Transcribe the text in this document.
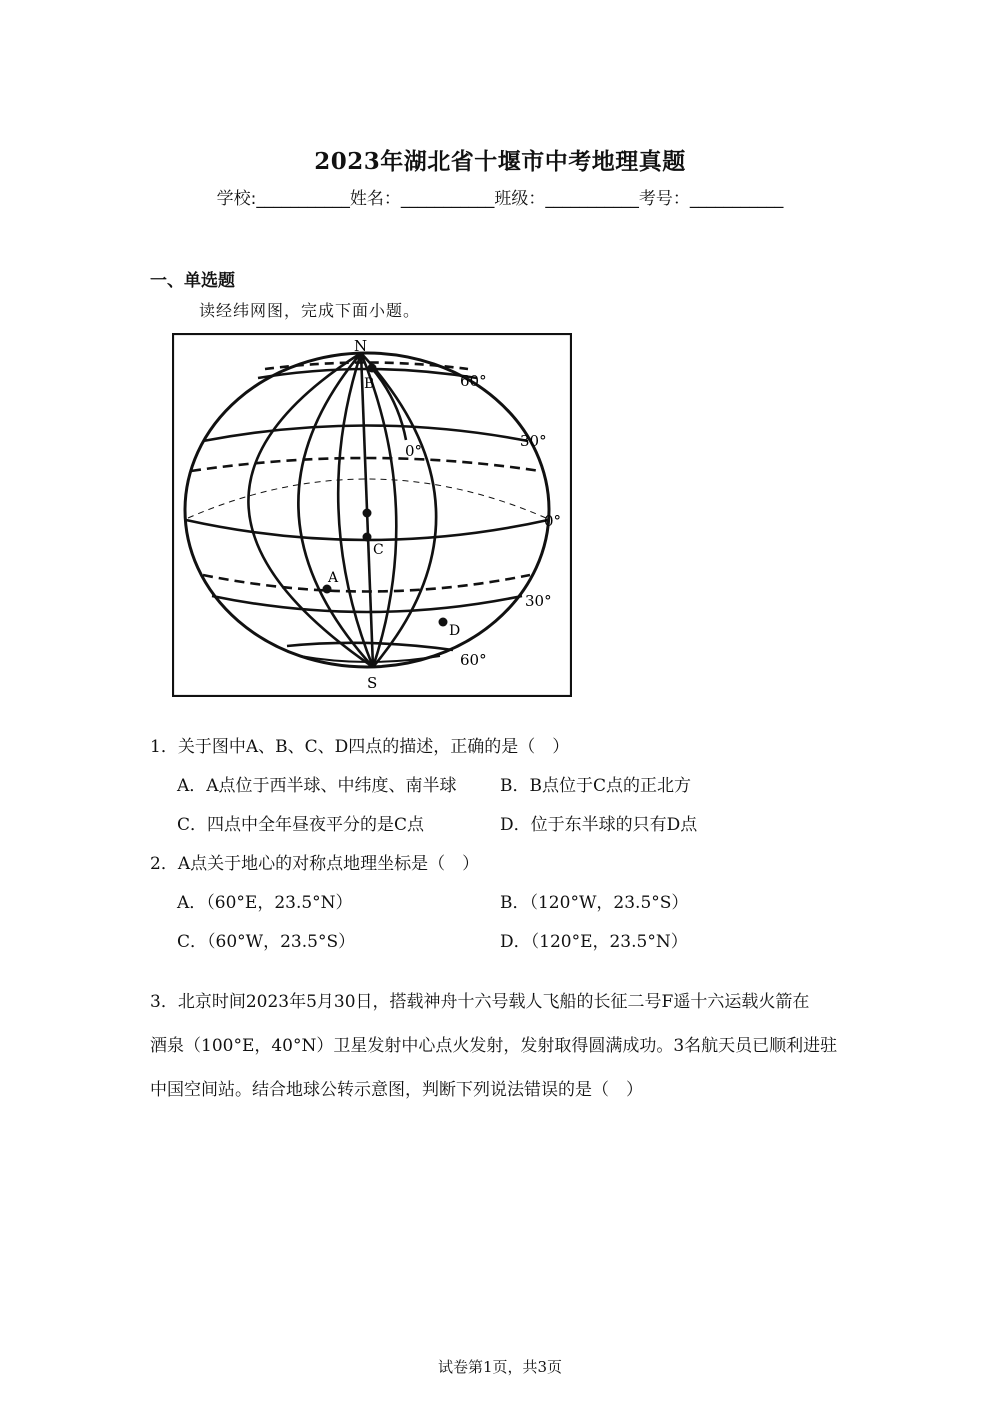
2023年湖北省十堰市中考地理真题
学校:___________姓名：___________班级：___________考号：___________
一、单选题
读经纬网图，完成下面小题。
N
S
60°
30°
0°
30°
60°
0°
A
B
C
D
1．关于图中A、B、C、D四点的描述，正确的是（　）
A．A点位于西半球、中纬度、南半球	B．B点位于C点的正北方
C．四点中全年昼夜平分的是C点	D．位于东半球的只有D点
2．A点关于地心的对称点地理坐标是（　）
A．（60°E，23.5°N）	B．（120°W，23.5°S）
C．（60°W，23.5°S）	D．（120°E，23.5°N）
3．北京时间2023年5月30日，搭载神舟十六号载人飞船的长征二号F遥十六运载火箭在
酒泉（100°E，40°N）卫星发射中心点火发射，发射取得圆满成功。3名航天员已顺利进驻
中国空间站。结合地球公转示意图，判断下列说法错误的是（　）
试卷第1页，共3页
